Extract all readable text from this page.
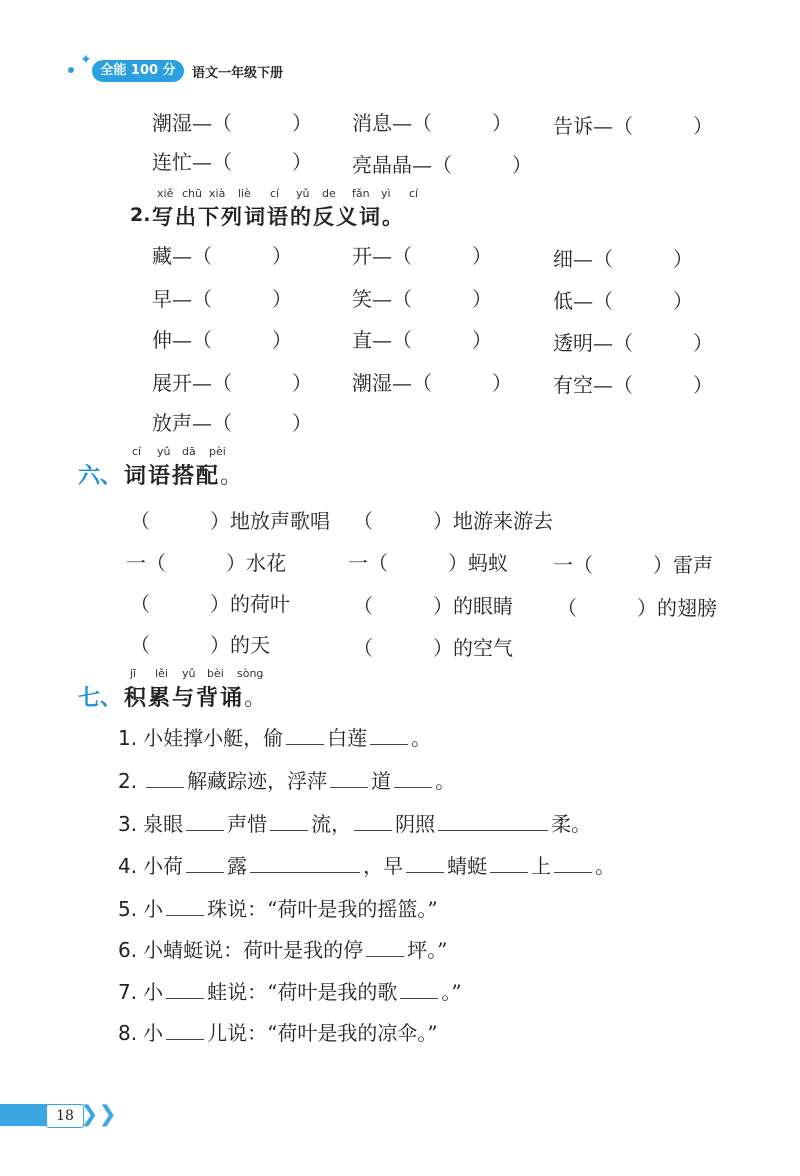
✦
全能 100 分	语文一年级下册
潮湿—（　　　） 消息—（　　　） 告诉—（　　　）
连忙—（　　　） 亮晶晶—（　　　）
xiě chū xià liè cí yǔ de fǎn yì cí
2. 写出下列词语的反义词。
藏—（　　　）	开—（　　　）	细—（　　　）
早—（　　　）	笑—（　　　）	低—（　　　）
伸—（　　　）	直—（　　　）	透明—（　　　）
展开—（　　　） 潮湿—（　　　） 有空—（　　　）
放声—（　　　）
cí yǔ dā pèi
六、 词语搭配。
（　　　）地放声歌唱 （　　　）地游来游去
一（　　　）水花	一（　　　）蚂蚁 一（　　　）雷声
（　　　）的荷叶	（　　　）的眼睛 （　　　）的翅膀
（　　　）的天	（　　　）的空气
jī lěi yǔ bèi sòng
七、 积累与背诵。
1. 小娃撑小艇，偷 白莲 。
2.	解藏踪迹，浮萍 道 。
3. 泉眼 声惜 流， 阴照	柔。
4. 小荷 露	，早 蜻蜓 上 。
5. 小 珠说：“荷叶是我的摇篮。”
6. 小蜻蜓说：荷叶是我的停 坪。”
7. 小 蛙说：“荷叶是我的歌 。”
8. 小 儿说：“荷叶是我的凉伞。”
18 ❯❯
